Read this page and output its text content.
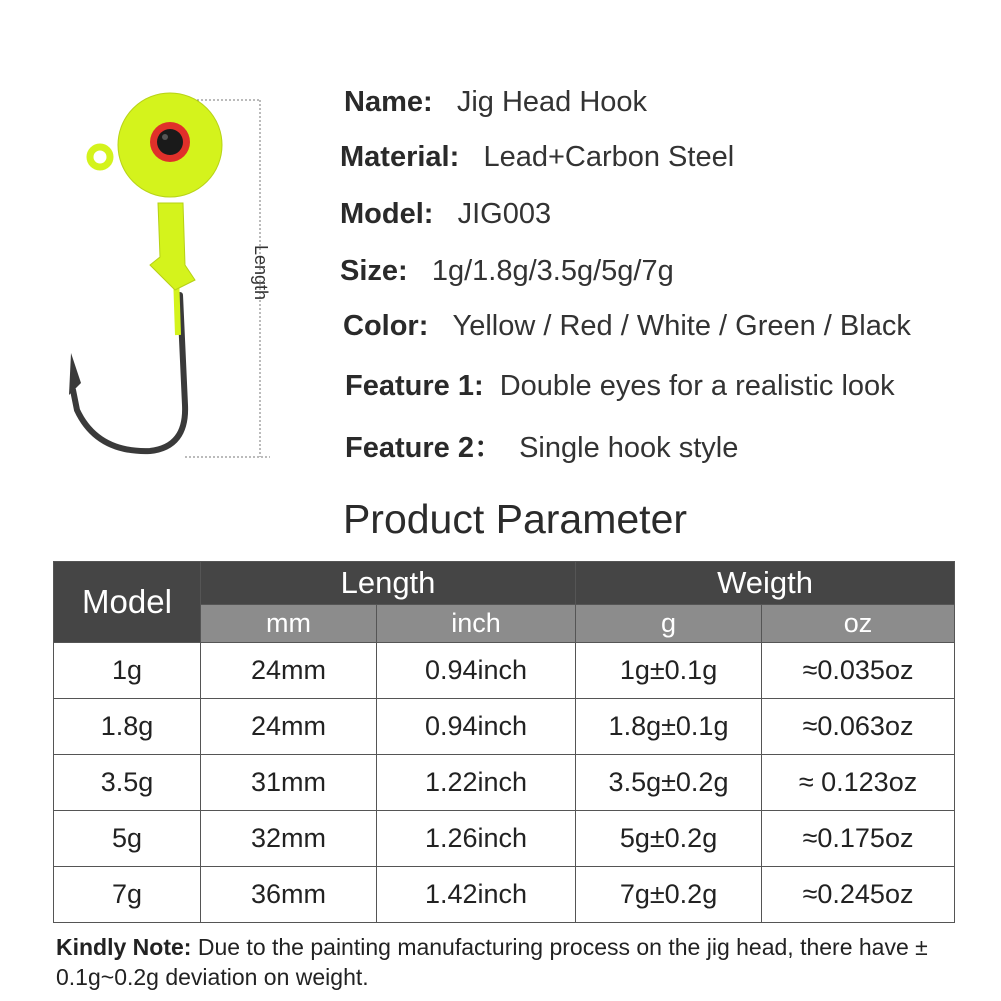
Length
Name: Jig Head Hook
Material: Lead+Carbon Steel
Model: JIG003
Size: 1g/1.8g/3.5g/5g/7g
Color: Yellow / Red / White / Green / Black
Feature 1: Double eyes for a realistic look
Feature 2： Single hook style
Product Parameter
Model	Length		Weigth	
	mm	inch	g	oz
1g	24mm	0.94inch	1g±0.1g	≈0.035oz
1.8g	24mm	0.94inch	1.8g±0.1g	≈0.063oz
3.5g	31mm	1.22inch	3.5g±0.2g	≈ 0.123oz
5g	32mm	1.26inch	5g±0.2g	≈0.175oz
7g	36mm	1.42inch	7g±0.2g	≈0.245oz
Kindly Note: Due to the painting manufacturing process on the jig head, there have ± 0.1g~0.2g deviation on weight.
